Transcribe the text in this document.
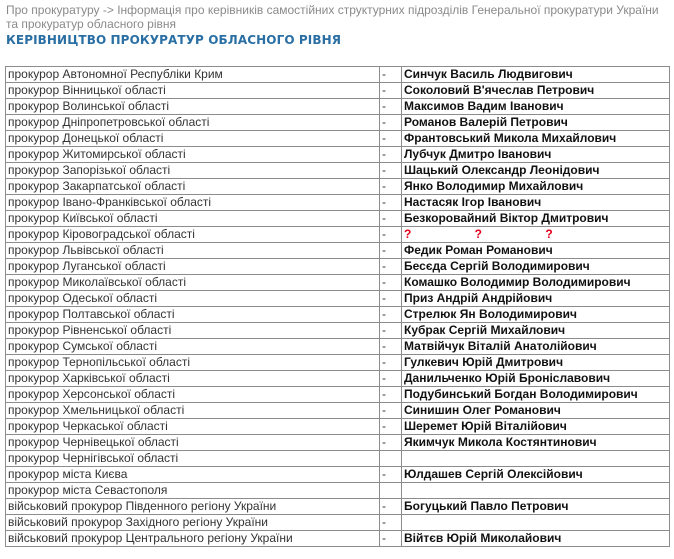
Про прокуратуру -> Інформація про керівників самостійних структурних підрозділів Генеральної прокуратури України та прокуратур обласного рівня
КЕРІВНИЦТВО ПРОКУРАТУР ОБЛАСНОГО РІВНЯ
прокурор Автономної Республіки Крим	-	Синчук Василь Людвигович
прокурор Вінницької області	-	Соколовий В'ячеслав Петрович
прокурор Волинської області	-	Максимов Вадим Іванович
прокурор Дніпропетровської області	-	Романов Валерій Петрович
прокурор Донецької області	-	Франтовський Микола Михайлович
прокурор Житомирської області	-	Лубчук Дмитро Іванович
прокурор Запорізької області	-	Шацький Олександр Леонідович
прокурор Закарпатської області	-	Янко Володимир Михайлович
прокурор Івано-Франківської області	-	Настасяк Ігор Іванович
прокурор Київської області	-	Безкоровайний Віктор Дмитрович
прокурор Кіровоградської області	-	? ? ?
прокурор Львівської області	-	Федик Роман Романович
прокурор Луганської області	-	Бесєда Сергій Володимирович
прокурор Миколаївської області	-	Комашко Володимир Володимирович
прокурор Одеської області	-	Приз Андрій Андрійович
прокурор Полтавської області	-	Стрелюк Ян Володимирович
прокурор Рівненської області	-	Кубрак Сергій Михайлович
прокурор Сумської області	-	Матвійчук Віталій Анатолійович
прокурор Тернопільської області	-	Гулкевич Юрій Дмитрович
прокурор Харківської області	-	Данильченко Юрій Броніславович
прокурор Херсонської області	-	Подубинський Богдан Володимирович
прокурор Хмельницької області	-	Синишин Олег Романович
прокурор Черкаської області	-	Шеремет Юрій Віталійович
прокурор Чернівецької області	-	Якимчук Микола Костянтинович
прокурор Чернігівської області		
прокурор міста Києва	-	Юлдашев Сергій Олексійович
прокурор міста Севастополя		
військовий прокурор Південного регіону України	-	Богуцький Павло Петрович
військовий прокурор Західного регіону України	-	
військовий прокурор Центрального регіону України	-	Війтєв Юрій Миколайович
